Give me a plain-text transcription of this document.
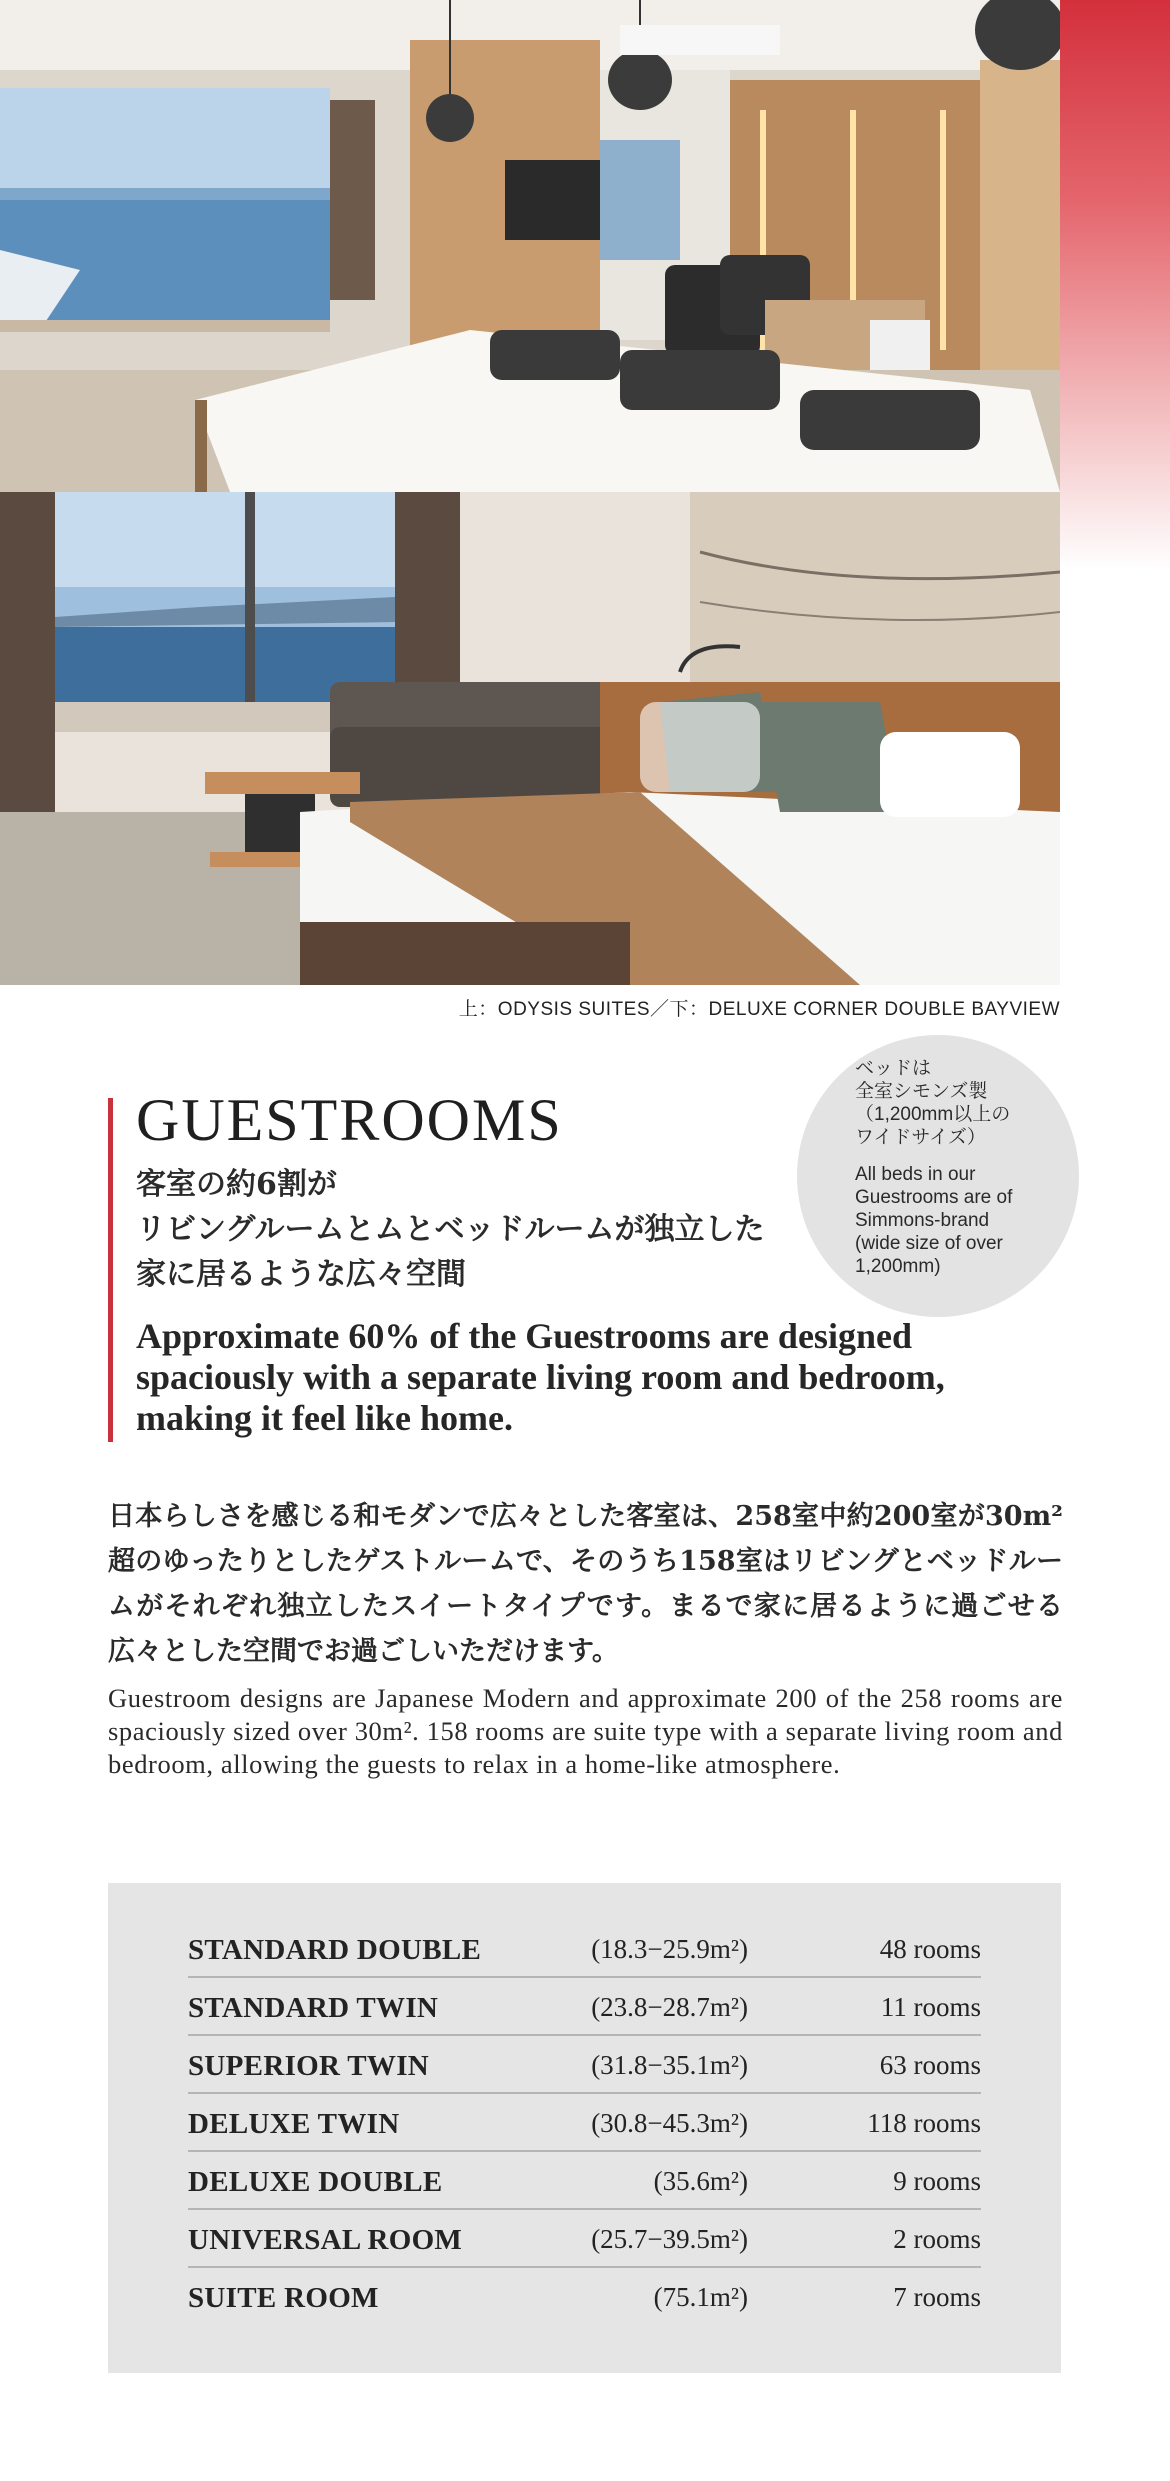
上：ODYSIS SUITES／下：DELUXE CORNER DOUBLE BAYVIEW
GUESTROOMS
客室の約6割が
リビングルームとムとベッドルームが独立した
家に居るような広々空間
Approximate 60% of the Guestrooms are designed spaciously with a separate living room and bedroom, making it feel like home.
ベッドは
全室シモンズ製
（1,200mm以上の
ワイドサイズ）
All beds in our
Guestrooms are of
Simmons-brand
(wide size of over
1,200mm)

日本らしさを感じる和モダンで広々とした客室は、258室中約200室が30m²超のゆったりとしたゲストルームで、そのうち158室はリビングとベッドルームがそれぞれ独立したスイートタイプです。まるで家に居るように過ごせる広々とした空間でお過ごしいただけます。

Guestroom designs are Japanese Modern and approximate 200 of the 258 rooms are spaciously sized over 30m². 158 rooms are suite type with a separate living room and bedroom, allowing the guests to relax in a home-like atmosphere.

STANDARD DOUBLE	(18.3−25.9m²)	48 rooms
STANDARD TWIN	(23.8−28.7m²)	11 rooms
SUPERIOR TWIN	(31.8−35.1m²)	63 rooms
DELUXE TWIN	(30.8−45.3m²)	118 rooms
DELUXE DOUBLE	(35.6m²)	9 rooms
UNIVERSAL ROOM	(25.7−39.5m²)	2 rooms
SUITE ROOM	(75.1m²)	7 rooms
